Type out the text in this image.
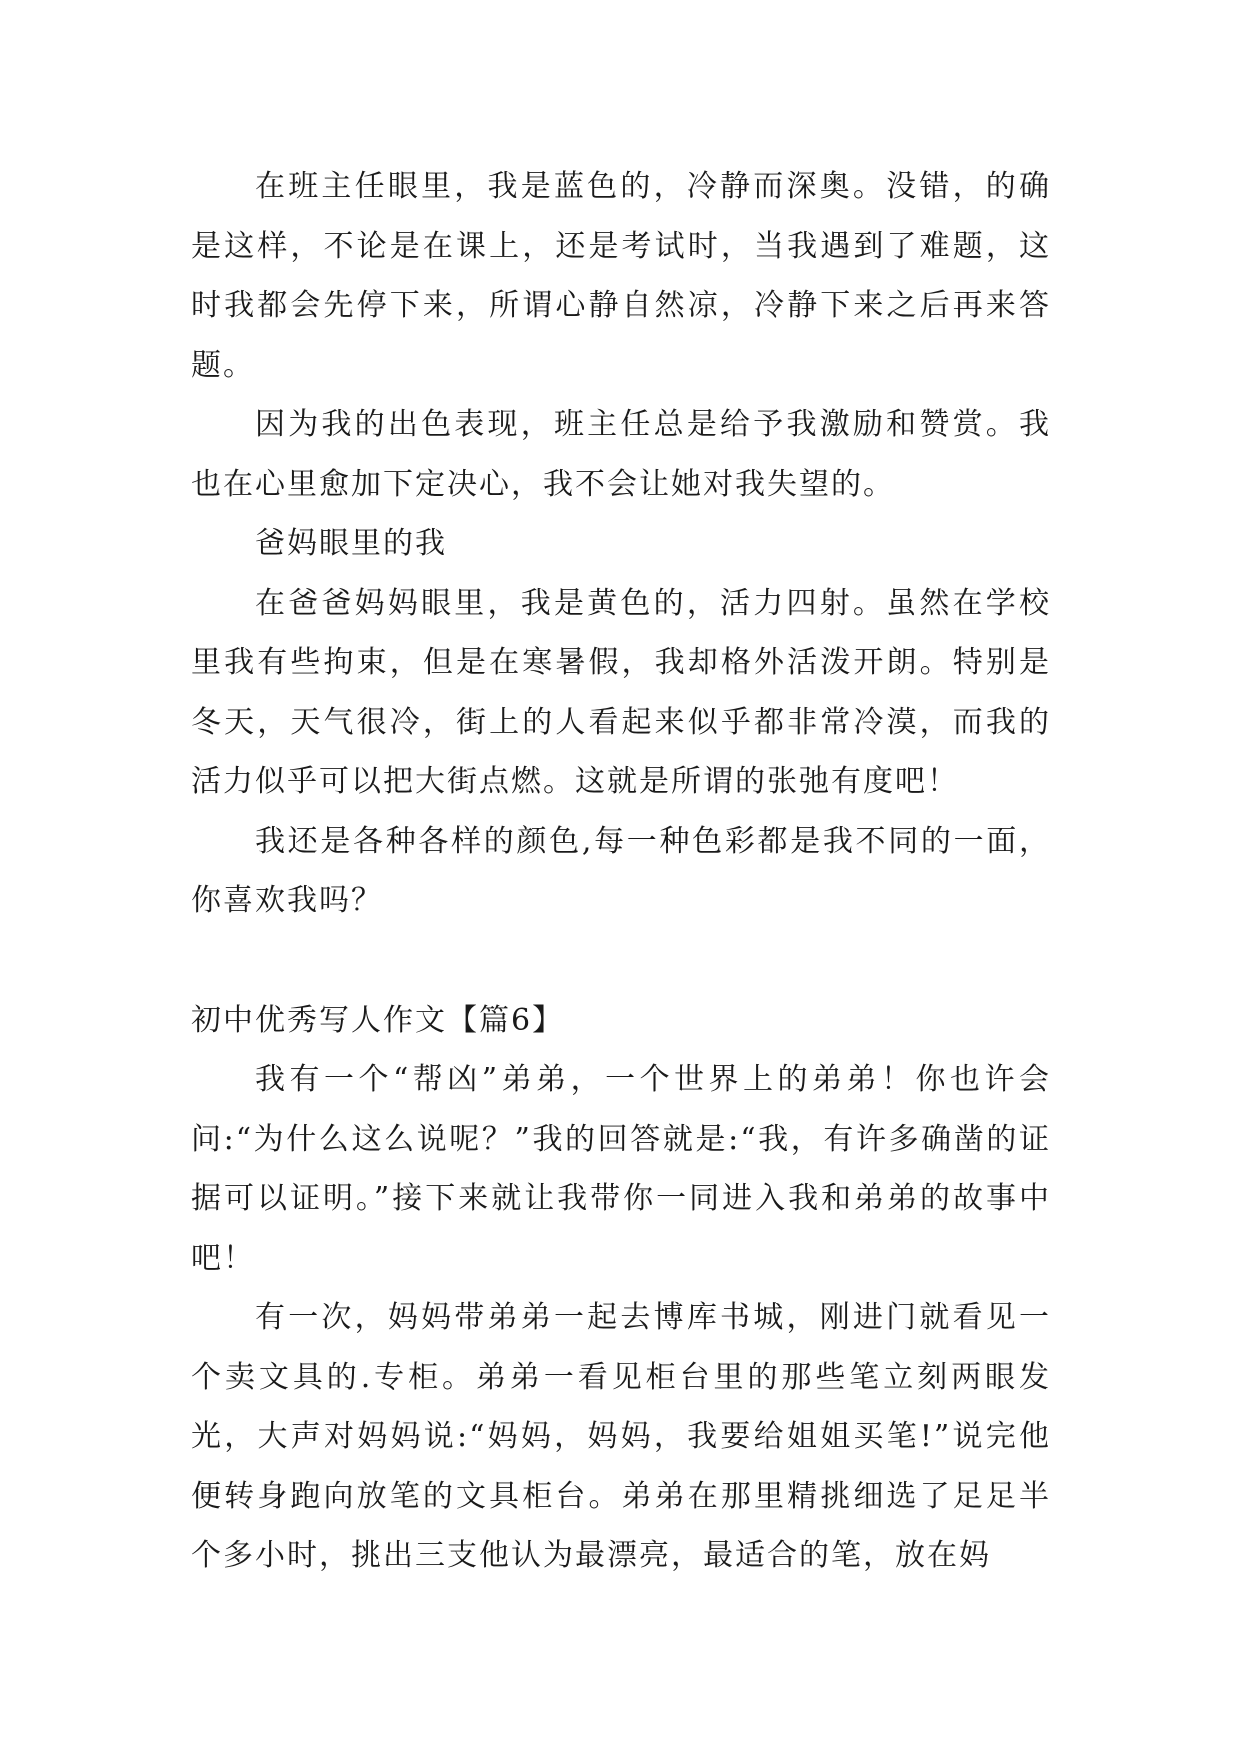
在班主任眼里，我是蓝色的，冷静而深奥。没错，的确是这样，不论是在课上，还是考试时，当我遇到了难题，这时我都会先停下来，所谓心静自然凉，冷静下来之后再来答题。

因为我的出色表现，班主任总是给予我激励和赞赏。我也在心里愈加下定决心，我不会让她对我失望的。

爸妈眼里的我

在爸爸妈妈眼里，我是黄色的，活力四射。虽然在学校里我有些拘束，但是在寒暑假，我却格外活泼开朗。特别是冬天，天气很冷，街上的人看起来似乎都非常冷漠，而我的活力似乎可以把大街点燃。这就是所谓的张弛有度吧！

我还是各种各样的颜色,每一种色彩都是我不同的一面，你喜欢我吗？

初中优秀写人作文【篇6】

我有一个“帮凶”弟弟，一个世界上的弟弟！你也许会问:“为什么这么说呢？”我的回答就是:“我，有许多确凿的证据可以证明。”接下来就让我带你一同进入我和弟弟的故事中吧！

有一次，妈妈带弟弟一起去博库书城，刚进门就看见一个卖文具的.专柜。弟弟一看见柜台里的那些笔立刻两眼发光，大声对妈妈说:“妈妈，妈妈，我要给姐姐买笔!”说完他便转身跑向放笔的文具柜台。弟弟在那里精挑细选了足足半个多小时，挑出三支他认为最漂亮，最适合的笔，放在妈
